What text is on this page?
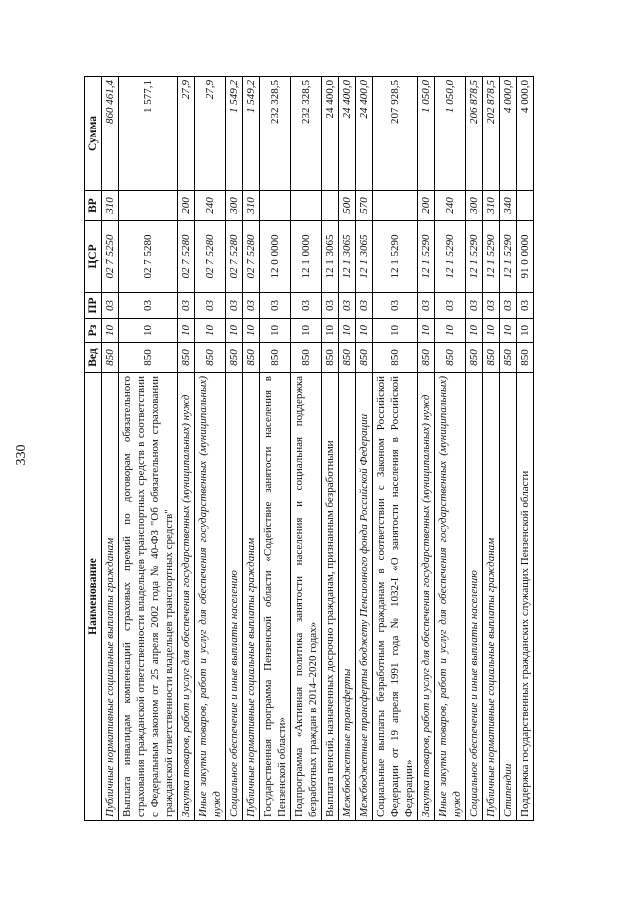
330
Наименование	Вед	Рз	ПР	ЦСР	ВР	Сумма
Публичные нормативные социальные выплаты гражданам	850	10	03	02 7 5250	310	860 461,4
Выплата инвалидам компенсаций страховых премий по договорам обязательного страхования гражданской ответственности владельцев транспортных средств в соответствии с Федеральным законом от 25 апреля 2002 года № 40-ФЗ "Об обязательном страховании гражданской ответственности владельцев транспортных средств"	850	10	03	02 7 5280		1 577,1
Закупка товаров, работ и услуг для обеспечения государственных (муниципальных) нужд	850	10	03	02 7 5280	200	27,9
Иные закупки товаров, работ и услуг для обеспечения государственных (муниципальных) нужд	850	10	03	02 7 5280	240	27,9
Социальное обеспечение и иные выплаты населению	850	10	03	02 7 5280	300	1 549,2
Публичные нормативные социальные выплаты гражданам	850	10	03	02 7 5280	310	1 549,2
Государственная программа Пензенской области «Содействие занятости населения в Пензенской области»	850	10	03	12 0 0000		232 328,5
Подпрограмма «Активная политика занятости населения и социальная поддержка безработных граждан в 2014–2020 годах»	850	10	03	12 1 0000		232 328,5
Выплата пенсий, назначенных досрочно гражданам, признанным безработными	850	10	03	12 1 3065		24 400,0
Межбюджетные трансферты	850	10	03	12 1 3065	500	24 400,0
Межбюджетные трансферты бюджету Пенсионного фонда Российской Федерации	850	10	03	12 1 3065	570	24 400,0
Социальные выплаты безработным гражданам в соответствии с Законом Российской Федерации от 19 апреля 1991 года № 1032-I «О занятости населения в Российской Федерации»	850	10	03	12 1 5290		207 928,5
Закупка товаров, работ и услуг для обеспечения государственных (муниципальных) нужд	850	10	03	12 1 5290	200	1 050,0
Иные закупки товаров, работ и услуг для обеспечения государственных (муниципальных) нужд	850	10	03	12 1 5290	240	1 050,0
Социальное обеспечение и иные выплаты населению	850	10	03	12 1 5290	300	206 878,5
Публичные нормативные социальные выплаты гражданам	850	10	03	12 1 5290	310	202 878,5
Стипендии	850	10	03	12 1 5290	340	4 000,0
Поддержка государственных гражданских служащих Пензенской области	850	10	03	91 0 0000		4 000,0
